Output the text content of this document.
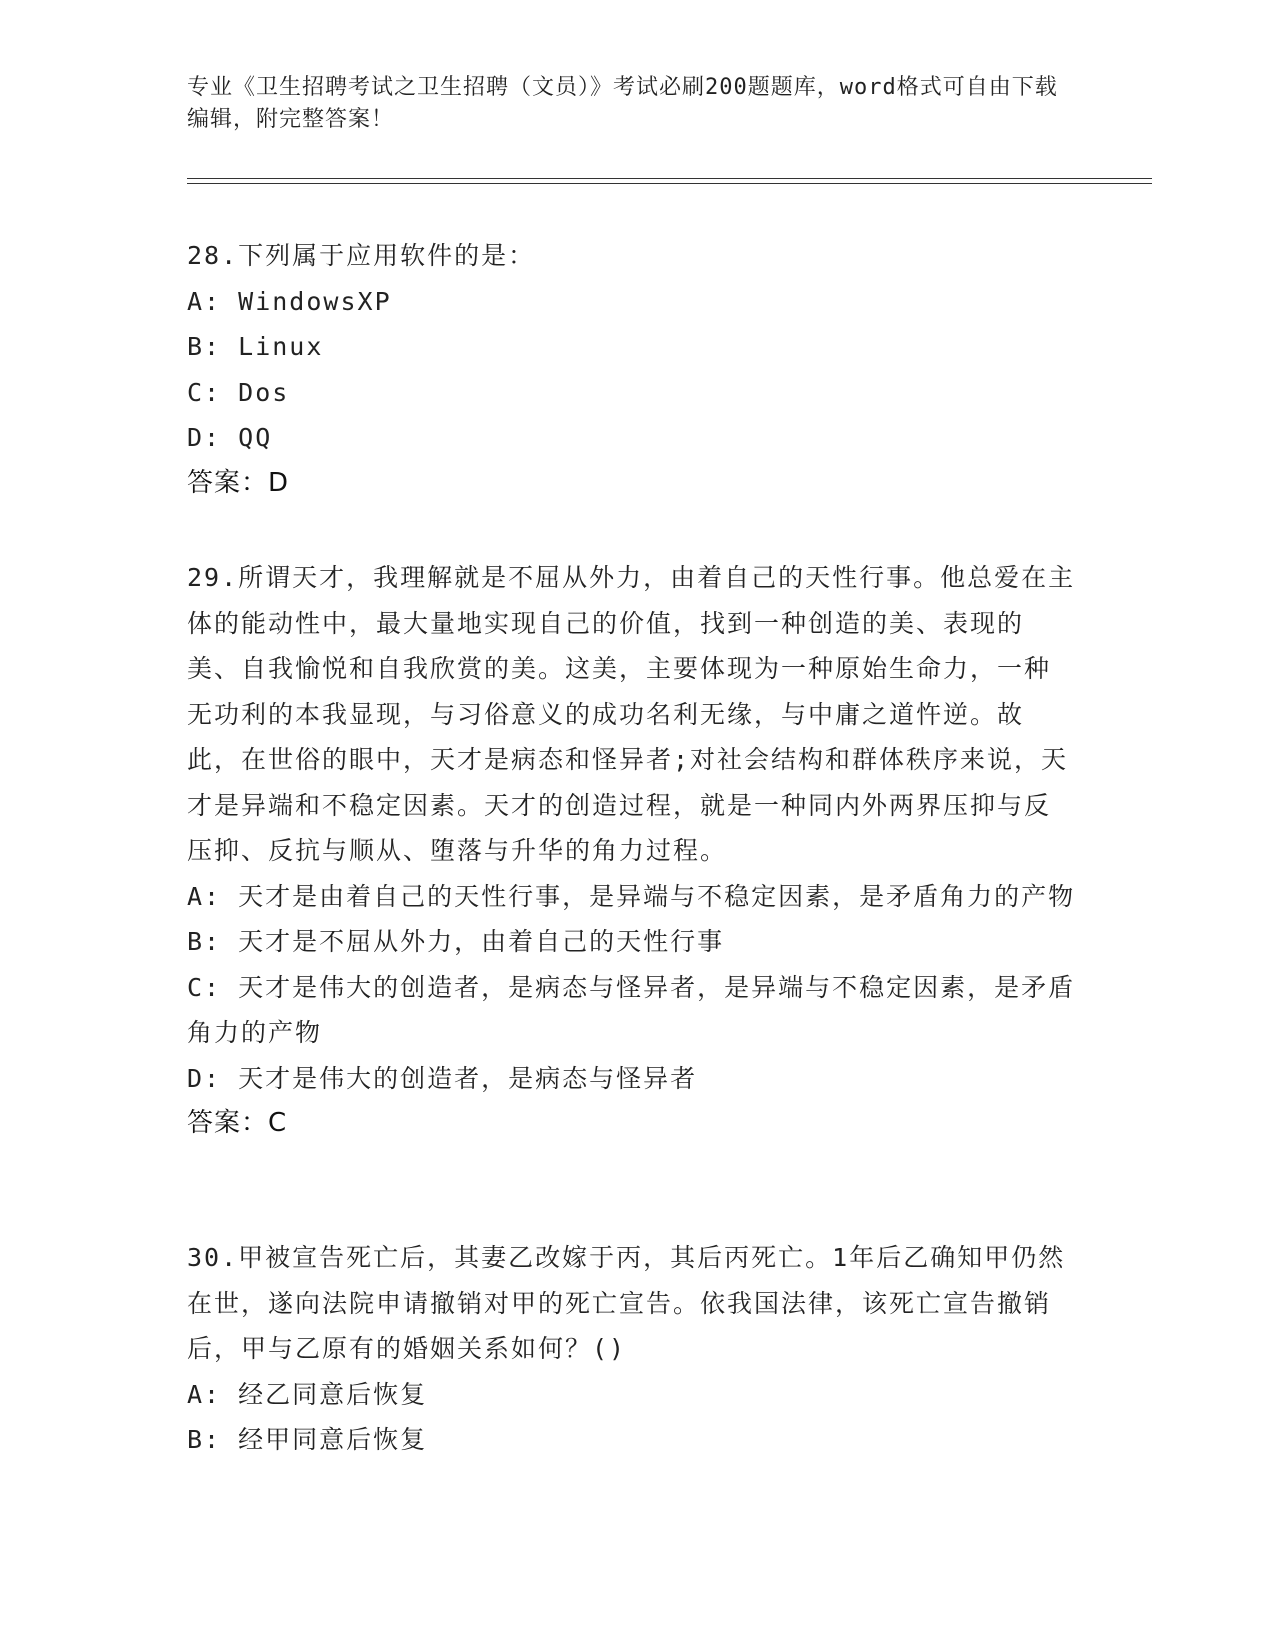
专业《卫生招聘考试之卫生招聘（文员）》考试必刷200题题库，word格式可自由下载编辑，附完整答案！

28.下列属于应用软件的是：

A: WindowsXP

B: Linux

C: Dos

D: QQ

答案：D

29.所谓天才，我理解就是不屈从外力，由着自己的天性行事。他总爱在主体的能动性中，最大量地实现自己的价值，找到一种创造的美、表现的美、自我愉悦和自我欣赏的美。这美，主要体现为一种原始生命力，一种无功利的本我显现，与习俗意义的成功名利无缘，与中庸之道忤逆。故此，在世俗的眼中，天才是病态和怪异者;对社会结构和群体秩序来说，天才是异端和不稳定因素。天才的创造过程，就是一种同内外两界压抑与反压抑、反抗与顺从、堕落与升华的角力过程。

A: 天才是由着自己的天性行事，是异端与不稳定因素，是矛盾角力的产物

B: 天才是不屈从外力，由着自己的天性行事

C: 天才是伟大的创造者，是病态与怪异者，是异端与不稳定因素，是矛盾角力的产物

D: 天才是伟大的创造者，是病态与怪异者

答案：C

30.甲被宣告死亡后，其妻乙改嫁于丙，其后丙死亡。1年后乙确知甲仍然在世，遂向法院申请撤销对甲的死亡宣告。依我国法律，该死亡宣告撤销后，甲与乙原有的婚姻关系如何？()

A: 经乙同意后恢复

B: 经甲同意后恢复
